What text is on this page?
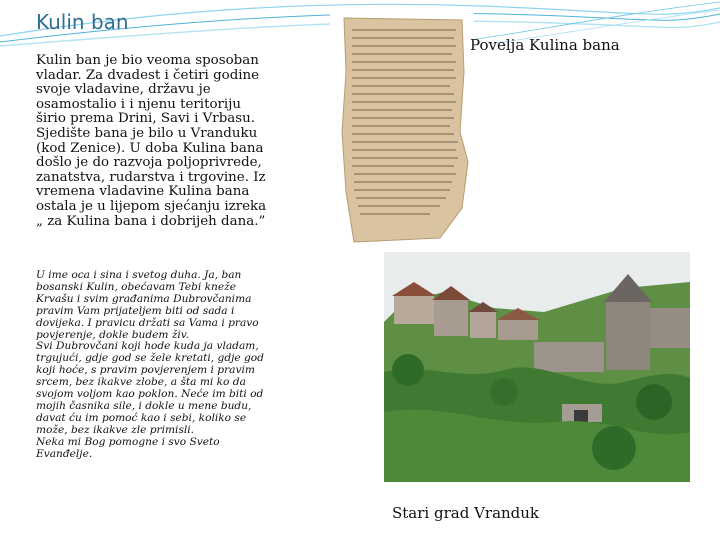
Kulin ban

Kulin ban je bio veoma sposoban
vladar. Za dvadest i četiri godine
svoje vladavine, državu je
osamostalio i i njenu teritoriju
širio prema Drini, Savi i Vrbasu.
Sjedište bana je bilo u Vranduku
(kod Zenice). U doba Kulina bana
došlo je do razvoja poljoprivrede,
zanatstva, rudarstva i trgovine. Iz
vremena vladavine Kulina bana
ostala je u lijepom sjećanju izreka
„ za Kulina bana i dobrijeh dana.”

Povelja Kulina bana

U ime oca i sina i svetog duha. Ja, ban
bosanski Kulin, obećavam Tebi kneže
Krvašu i svim građanima Dubrovčanima
pravim Vam prijateljem biti od sada i
dovijeka. I pravicu držati sa Vama i pravo
povjerenje, dokle budem živ.

Svi Dubrovčani koji hode kuda ja vladam,
trgujući, gdje god se žele kretati, gdje god
koji hoće, s pravim povjerenjem i pravim
srcem, bez ikakve zlobe, a šta mi ko da
svojom voljom kao poklon. Neće im biti od
mojih časnika sile, i dokle u mene budu,
davat ću im pomoć kao i sebi, koliko se
može, bez ikakve zle primisli.

Neka mi Bog pomogne i svo Sveto
Evanđelje.

Stari grad Vranduk
